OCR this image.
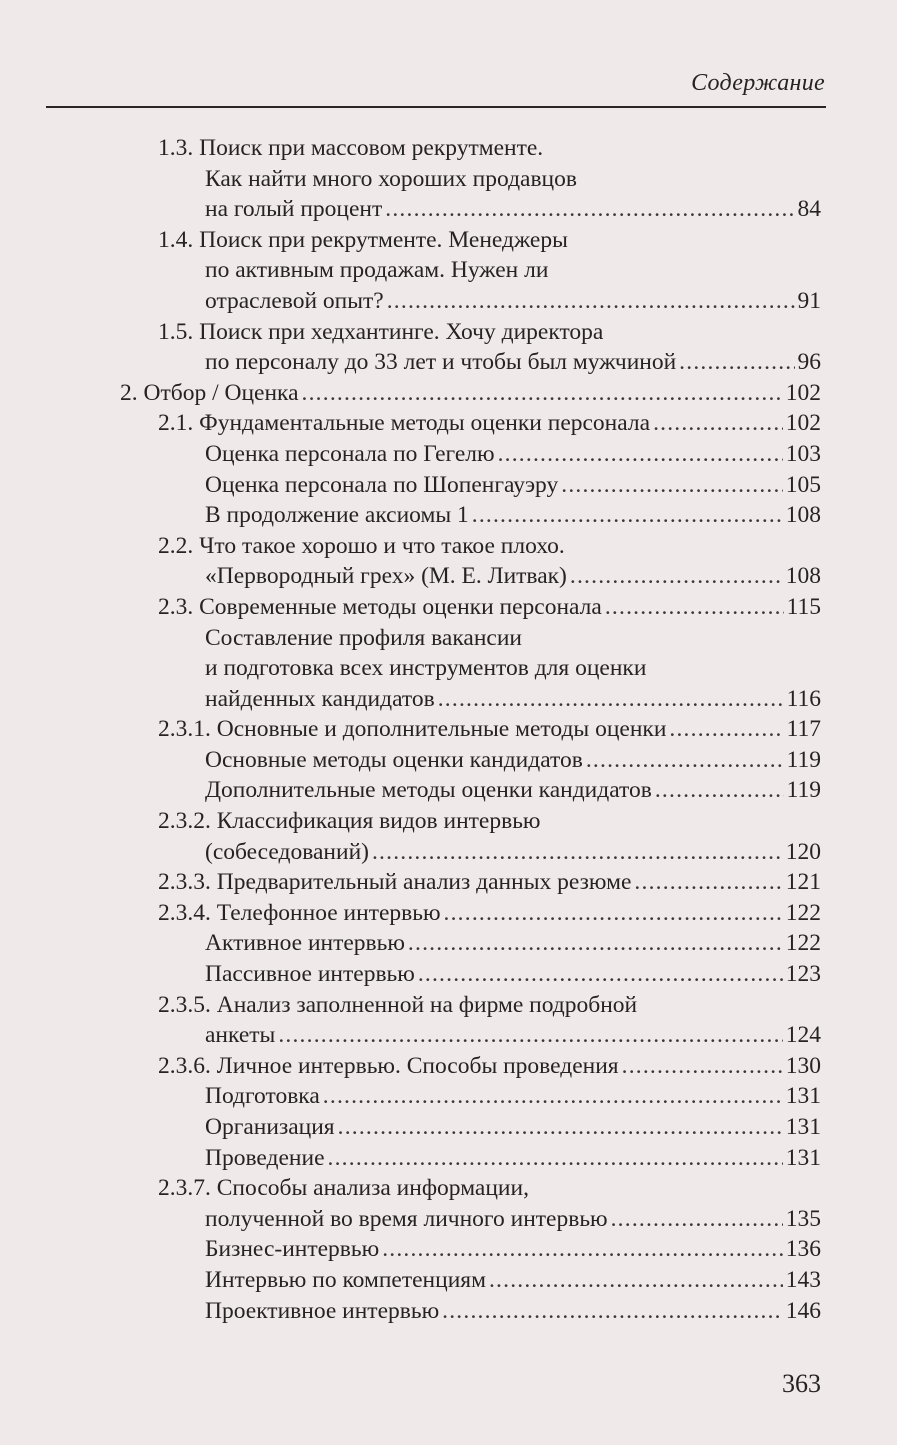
Содержание
1.3. Поиск при массовом рекрутменте.
Как найти много хороших продавцов
на голый процент .....	84
1.4. Поиск при рекрутменте. Менеджеры
по активным продажам. Нужен ли
отраслевой опыт? .....	91
1.5. Поиск при хедхантинге. Хочу директора
по персоналу до 33 лет и чтобы был мужчиной .....	96
2. Отбор / Оценка .....	102
2.1. Фундаментальные методы оценки персонала .....	102
Оценка персонала по Гегелю .....	103
Оценка персонала по Шопенгауэру .....	105
В продолжение аксиомы 1 .....	108
2.2. Что такое хорошо и что такое плохо.
«Первородный грех» (М. Е. Литвак) .....	108
2.3. Современные методы оценки персонала .....	115
Составление профиля вакансии
и подготовка всех инструментов для оценки
найденных кандидатов .....	116
2.3.1. Основные и дополнительные методы оценки .....	117
Основные методы оценки кандидатов .....	119
Дополнительные методы оценки кандидатов .....	119
2.3.2. Классификация видов интервью
(собеседований) .....	120
2.3.3. Предварительный анализ данных резюме .....	121
2.3.4. Телефонное интервью .....	122
Активное интервью .....	122
Пассивное интервью .....	123
2.3.5. Анализ заполненной на фирме подробной
анкеты .....	124
2.3.6. Личное интервью. Способы проведения .....	130
Подготовка .....	131
Организация .....	131
Проведение .....	131
2.3.7. Способы анализа информации,
полученной во время личного интервью .....	135
Бизнес-интервью .....	136
Интервью по компетенциям .....	143
Проективное интервью .....	146
363
